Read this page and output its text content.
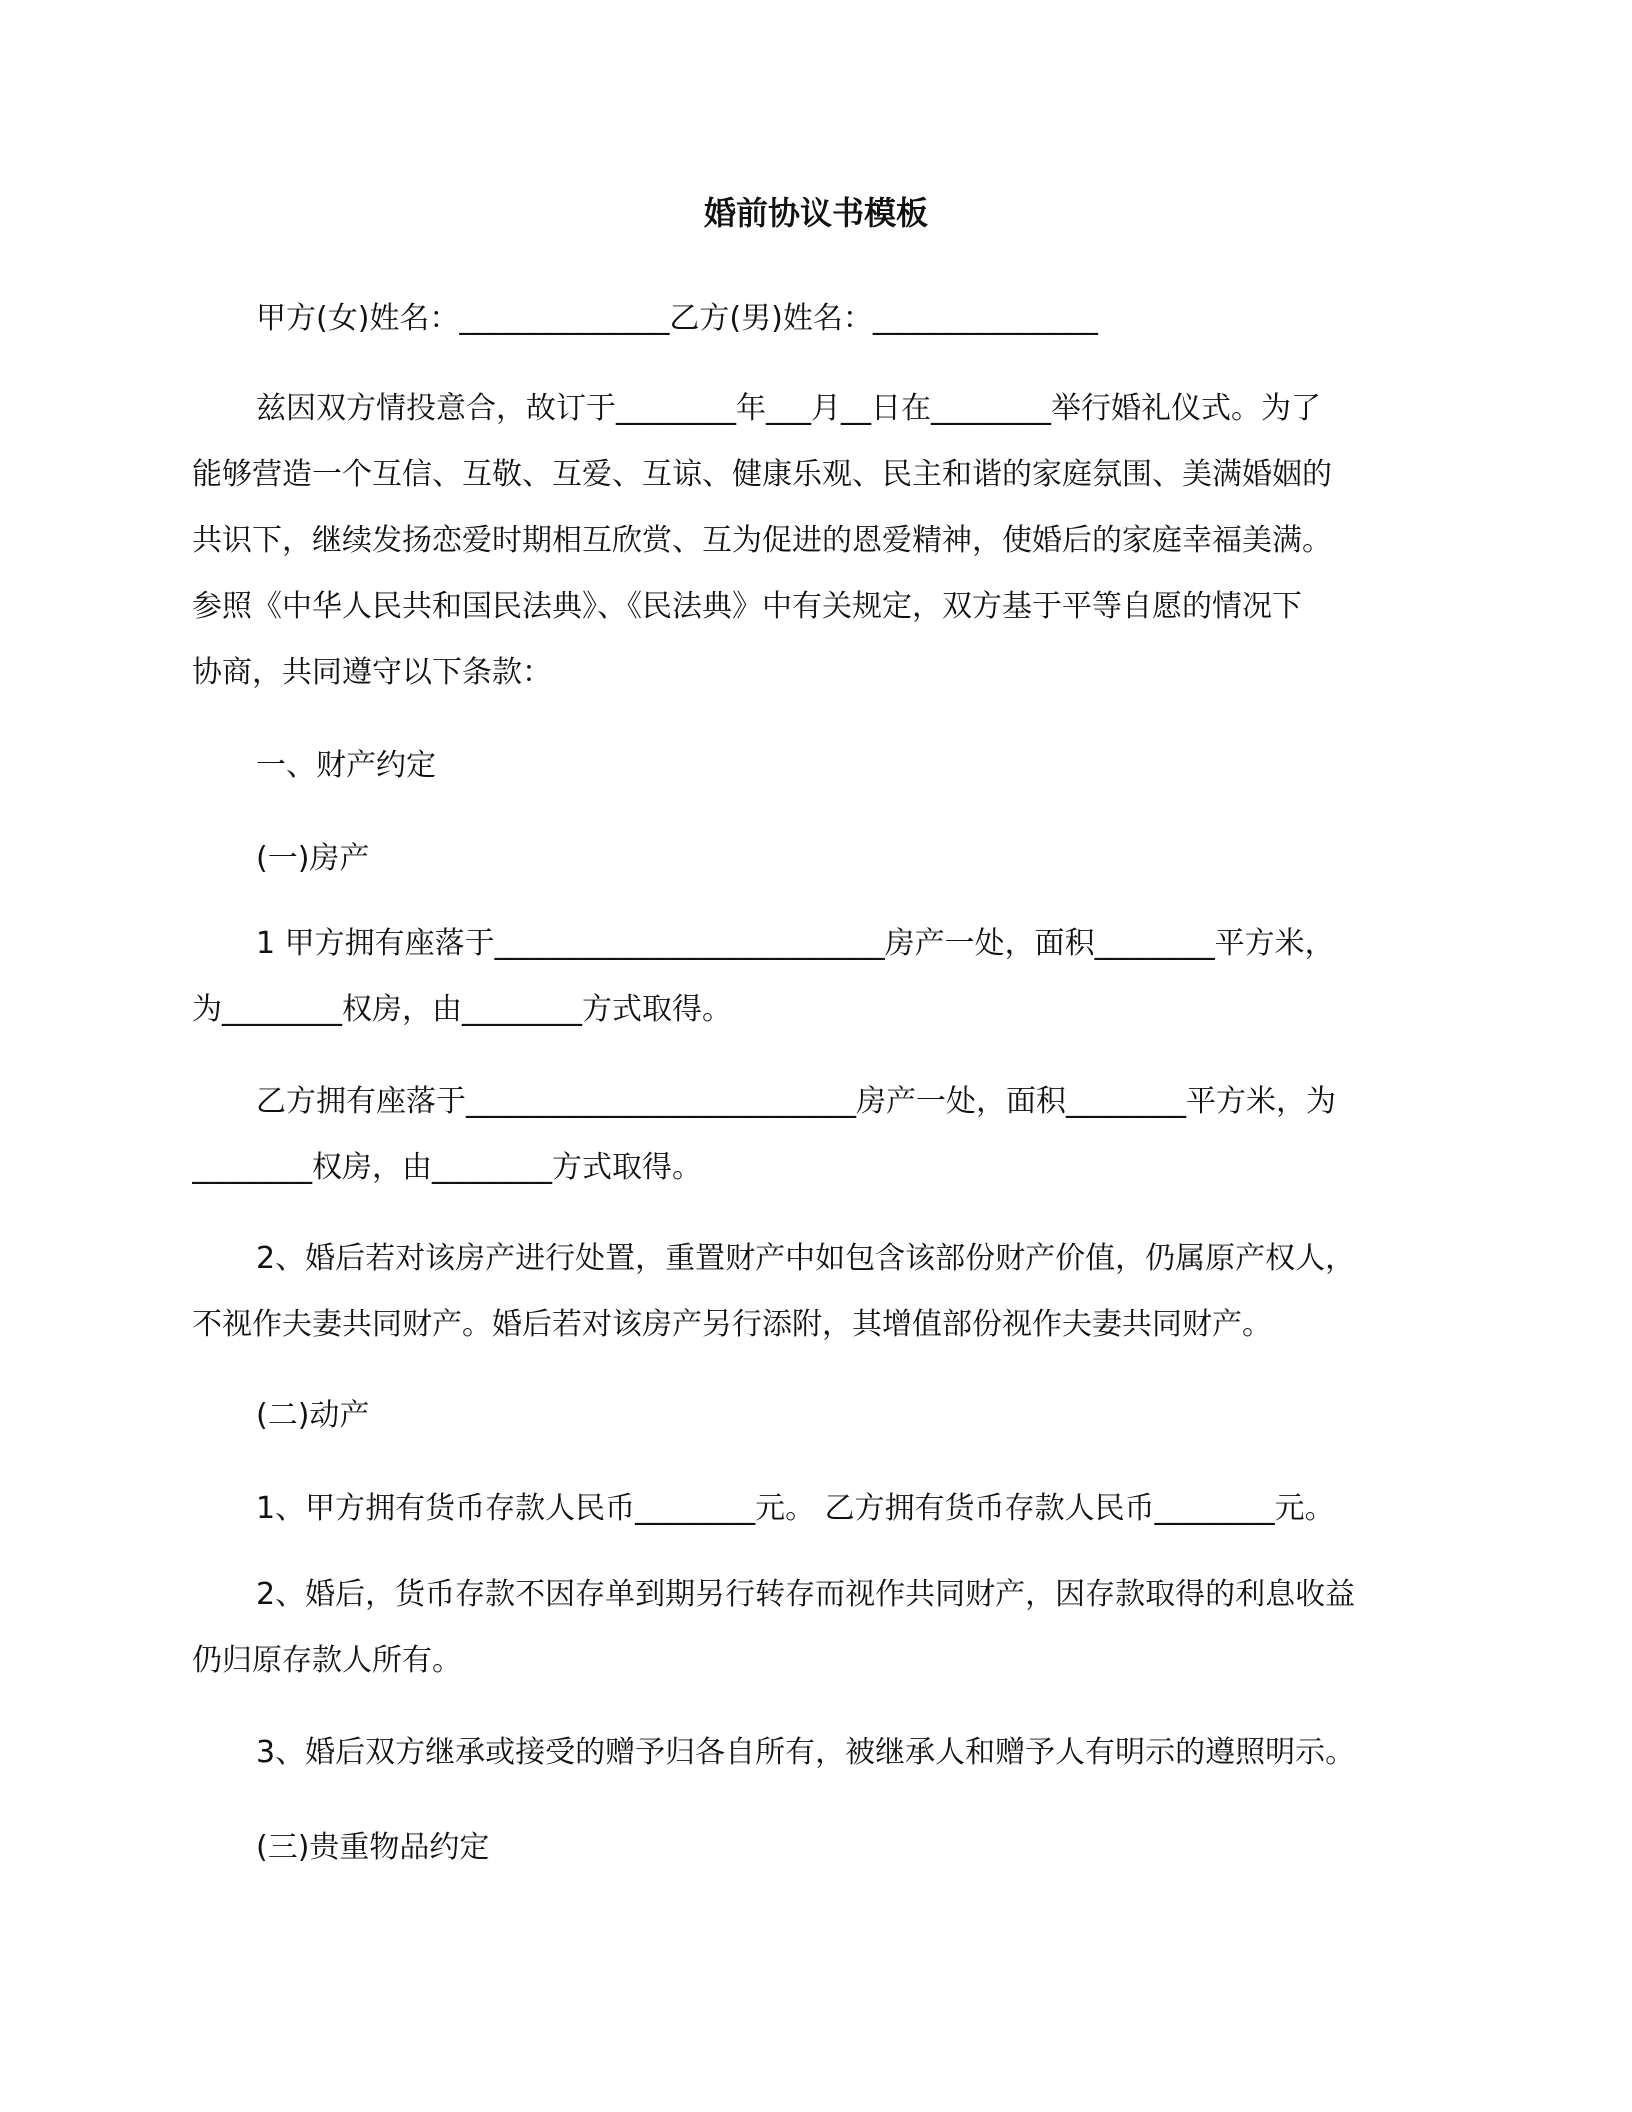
婚前协议书模板
甲方(女)姓名：______________乙方(男)姓名：_______________
兹因双方情投意合，故订于________年___月__日在________举行婚礼仪式。为了
能够营造一个互信、互敬、互爱、互谅、健康乐观、民主和谐的家庭氛围、美满婚姻的
共识下，继续发扬恋爱时期相互欣赏、互为促进的恩爱精神，使婚后的家庭幸福美满。
参照《中华人民共和国民法典》、《民法典》中有关规定，双方基于平等自愿的情况下
协商，共同遵守以下条款：
一、财产约定
(一)房产
1 甲方拥有座落于__________________________房产一处，面积________平方米，
为________权房，由________方式取得。
乙方拥有座落于__________________________房产一处，面积________平方米，为
________权房，由________方式取得。
2、婚后若对该房产进行处置，重置财产中如包含该部份财产价值，仍属原产权人，
不视作夫妻共同财产。婚后若对该房产另行添附，其增值部份视作夫妻共同财产。
(二)动产
1、甲方拥有货币存款人民币________元。 乙方拥有货币存款人民币________元。
2、婚后，货币存款不因存单到期另行转存而视作共同财产，因存款取得的利息收益
仍归原存款人所有。
3、婚后双方继承或接受的赠予归各自所有，被继承人和赠予人有明示的遵照明示。
(三)贵重物品约定
